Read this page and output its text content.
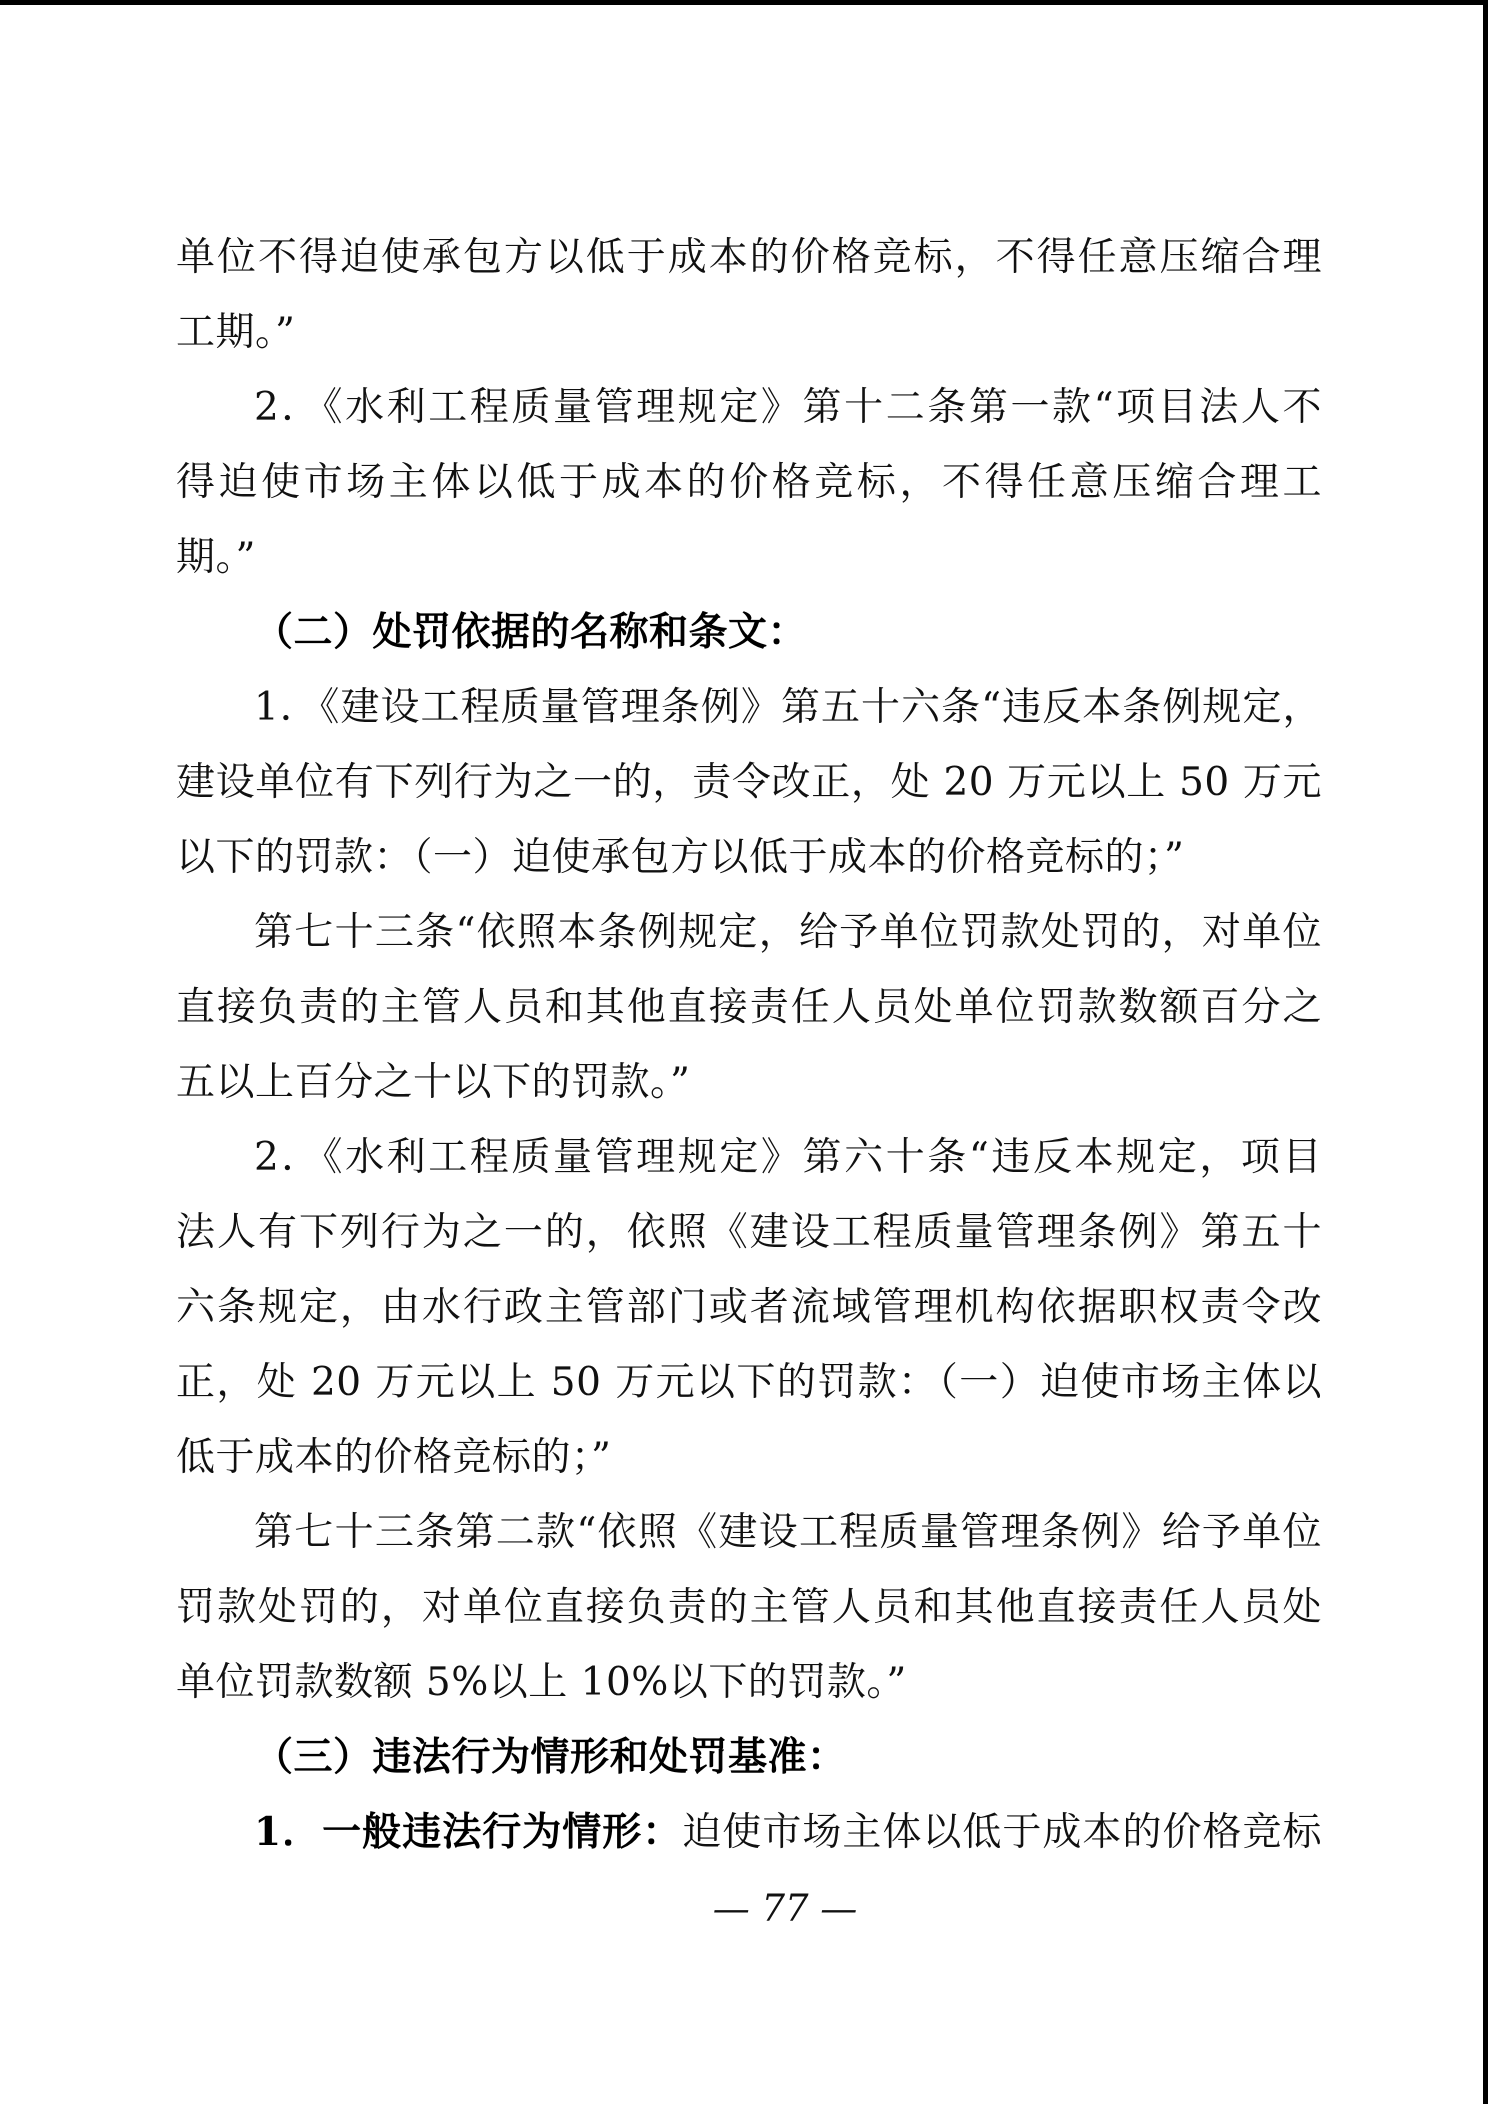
单位不得迫使承包方以低于成本的价格竞标，不得任意压缩合理
工期。”
2．《水利工程质量管理规定》第十二条第一款“项目法人不
得迫使市场主体以低于成本的价格竞标，不得任意压缩合理工
期。”
（二）处罚依据的名称和条文：
1．《建设工程质量管理条例》第五十六条“违反本条例规定，
建设单位有下列行为之一的，责令改正，处 20 万元以上 50 万元
以下的罚款：（一）迫使承包方以低于成本的价格竞标的；”
第七十三条“依照本条例规定，给予单位罚款处罚的，对单位
直接负责的主管人员和其他直接责任人员处单位罚款数额百分之
五以上百分之十以下的罚款。”
2．《水利工程质量管理规定》第六十条“违反本规定，项目
法人有下列行为之一的，依照《建设工程质量管理条例》第五十
六条规定，由水行政主管部门或者流域管理机构依据职权责令改
正，处 20 万元以上 50 万元以下的罚款：（一）迫使市场主体以
低于成本的价格竞标的；”
第七十三条第二款“依照《建设工程质量管理条例》给予单位
罚款处罚的，对单位直接负责的主管人员和其他直接责任人员处
单位罚款数额 5%以上 10%以下的罚款。”
（三）违法行为情形和处罚基准：
1．一般违法行为情形：迫使市场主体以低于成本的价格竞标
— 77 —
